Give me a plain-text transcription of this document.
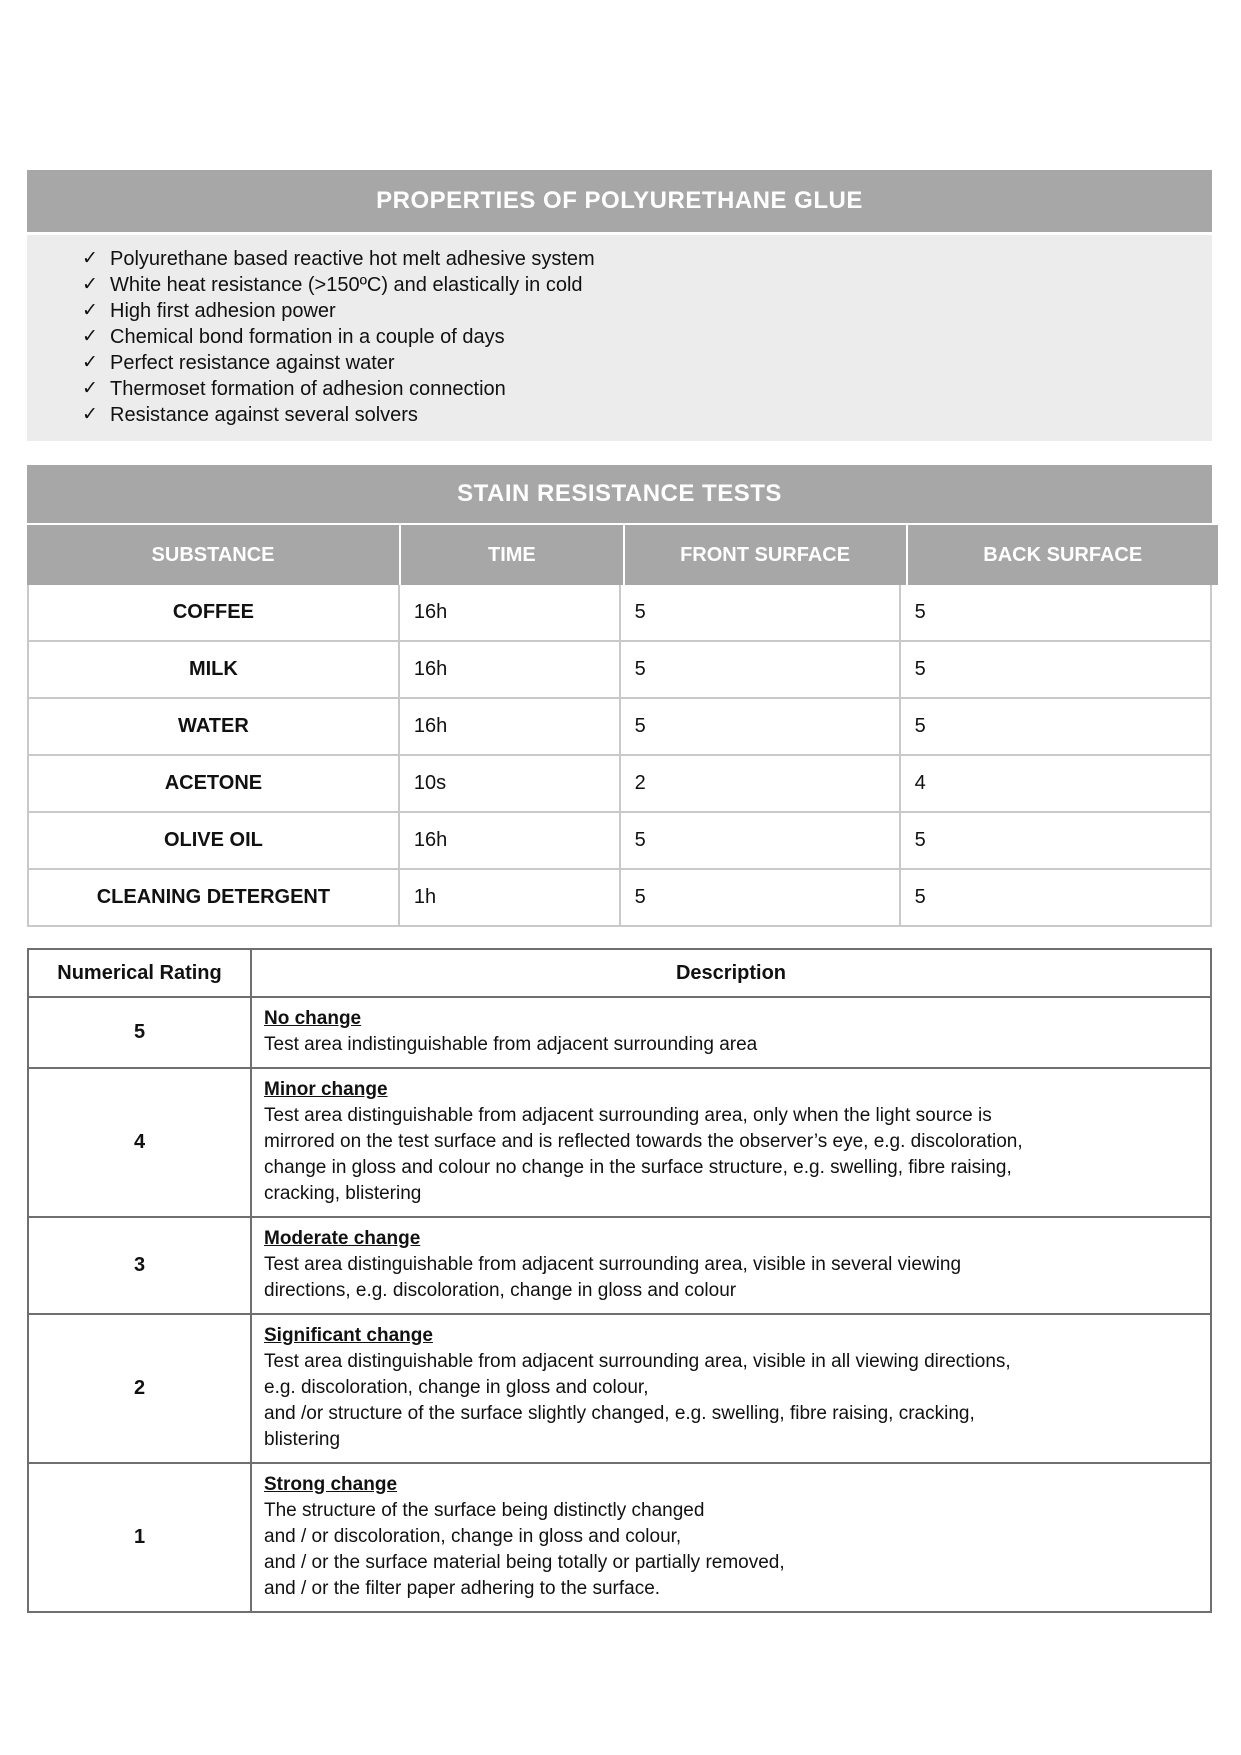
PROPERTIES OF POLYURETHANE GLUE
✓ Polyurethane based reactive hot melt adhesive system
✓ White heat resistance (>150ºC) and elastically in cold
✓ High first adhesion power
✓ Chemical bond formation in a couple of days
✓ Perfect resistance against water
✓ Thermoset formation of adhesion connection
✓ Resistance against several solvers
STAIN RESISTANCE TESTS
SUBSTANCE	TIME	FRONT SURFACE	BACK SURFACE
COFFEE	16h	5	5
MILK	16h	5	5
WATER	16h	5	5
ACETONE	10s	2	4
OLIVE OIL	16h	5	5
CLEANING DETERGENT	1h	5	5
Numerical Rating	Description
5	No change
Test area indistinguishable from adjacent surrounding area

4	Minor change
Test area distinguishable from adjacent surrounding area, only when the light source is
mirrored on the test surface and is reflected towards the observer’s eye, e.g. discoloration,
change in gloss and colour no change in the surface structure, e.g. swelling, fibre raising,
cracking, blistering

3	Moderate change
Test area distinguishable from adjacent surrounding area, visible in several viewing
directions, e.g. discoloration, change in gloss and colour

2	Significant change
Test area distinguishable from adjacent surrounding area, visible in all viewing directions,
e.g. discoloration, change in gloss and colour,
and /or structure of the surface slightly changed, e.g. swelling, fibre raising, cracking,
blistering

1	Strong change
The structure of the surface being distinctly changed
and / or discoloration, change in gloss and colour,
and / or the surface material being totally or partially removed,
and / or the filter paper adhering to the surface.
